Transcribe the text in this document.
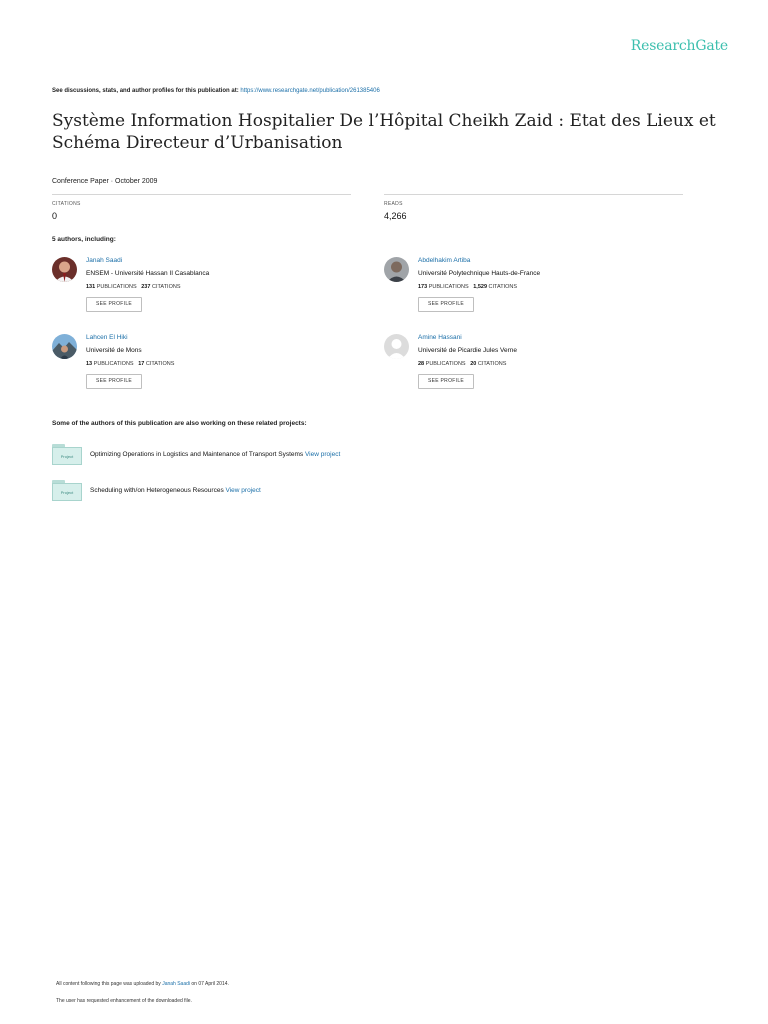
ResearchGate
See discussions, stats, and author profiles for this publication at: https://www.researchgate.net/publication/261385406
Système Information Hospitalier De l’Hôpital Cheikh Zaid : Etat des Lieux et Schéma Directeur d’Urbanisation
Conference Paper · October 2009
CITATIONS
0
READS
4,266
5 authors, including:
Janah Saadi
ENSEM - Université Hassan II Casablanca
131 PUBLICATIONS 237 CITATIONS
SEE PROFILE
Abdelhakim Artiba
Université Polytechnique Hauts-de-France
173 PUBLICATIONS 1,529 CITATIONS
SEE PROFILE
Lahcen El Hiki
Université de Mons
13 PUBLICATIONS 17 CITATIONS
SEE PROFILE
Amine Hassani
Université de Picardie Jules Verne
28 PUBLICATIONS 20 CITATIONS
SEE PROFILE
Some of the authors of this publication are also working on these related projects:
Project	Optimizing Operations in Logistics and Maintenance of Transport Systems View project
Project	Scheduling with/on Heterogeneous Resources View project
All content following this page was uploaded by Janah Saadi on 07 April 2014.
The user has requested enhancement of the downloaded file.
